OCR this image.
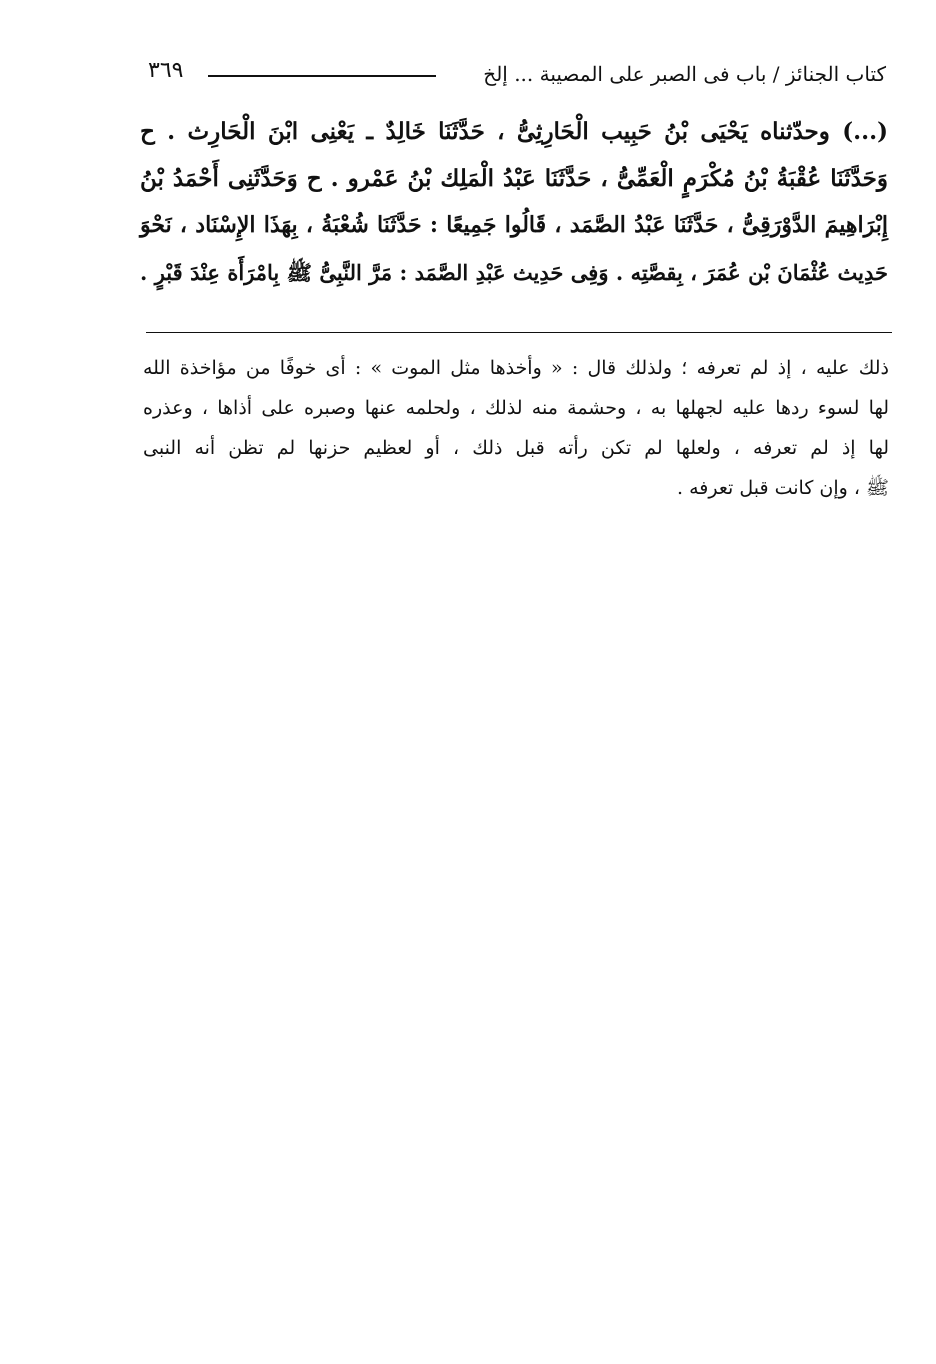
كتاب الجنائز / باب فى الصبر على المصيبة ... إلخ
٣٦٩
(...) وحدّثناه يَحْيَى بْنُ حَبِيب الْحَارِثِىُّ ، حَدَّثَنَا خَالِدٌ ـ يَعْنِى ابْنَ الْحَارِث . ح
وَحَدَّثَنَا عُقْبَةُ بْنُ مُكْرَمٍ الْعَمِّىُّ ، حَدَّثَنَا عَبْدُ الْمَلِك بْنُ عَمْرو . ح وَحَدَّثَنِى أَحْمَدُ بْنُ
إِبْرَاهِيمَ الدَّوْرَقِىُّ ، حَدَّثَنَا عَبْدُ الصَّمَد ، قَالُوا جَمِيعًا : حَدَّثَنَا شُعْبَةُ ، بِهَذَا الإِسْنَاد ، نَحْوَ
حَدِيث عُثْمَانَ بْن عُمَرَ ، بِقصَّتِه . وَفِى حَدِيث عَبْدِ الصَّمَد : مَرَّ النَّبِىُّ ﷺ بِامْرَأَة عِنْدَ قَبْرٍ .
ذلك عليه ، إذ لم تعرفه ؛ ولذلك قال : « وأخذها مثل الموت » : أى خوفًا من مؤاخذة الله
لها لسوء ردها عليه لجهلها به ، وحشمة منه لذلك ، ولحلمه عنها وصبره على أذاها ، وعذره
لها إذ لم تعرفه ، ولعلها لم تكن رأته قبل ذلك ، أو لعظيم حزنها لم تظن أنه النبى
ﷺ ، وإن كانت قبل تعرفه .
